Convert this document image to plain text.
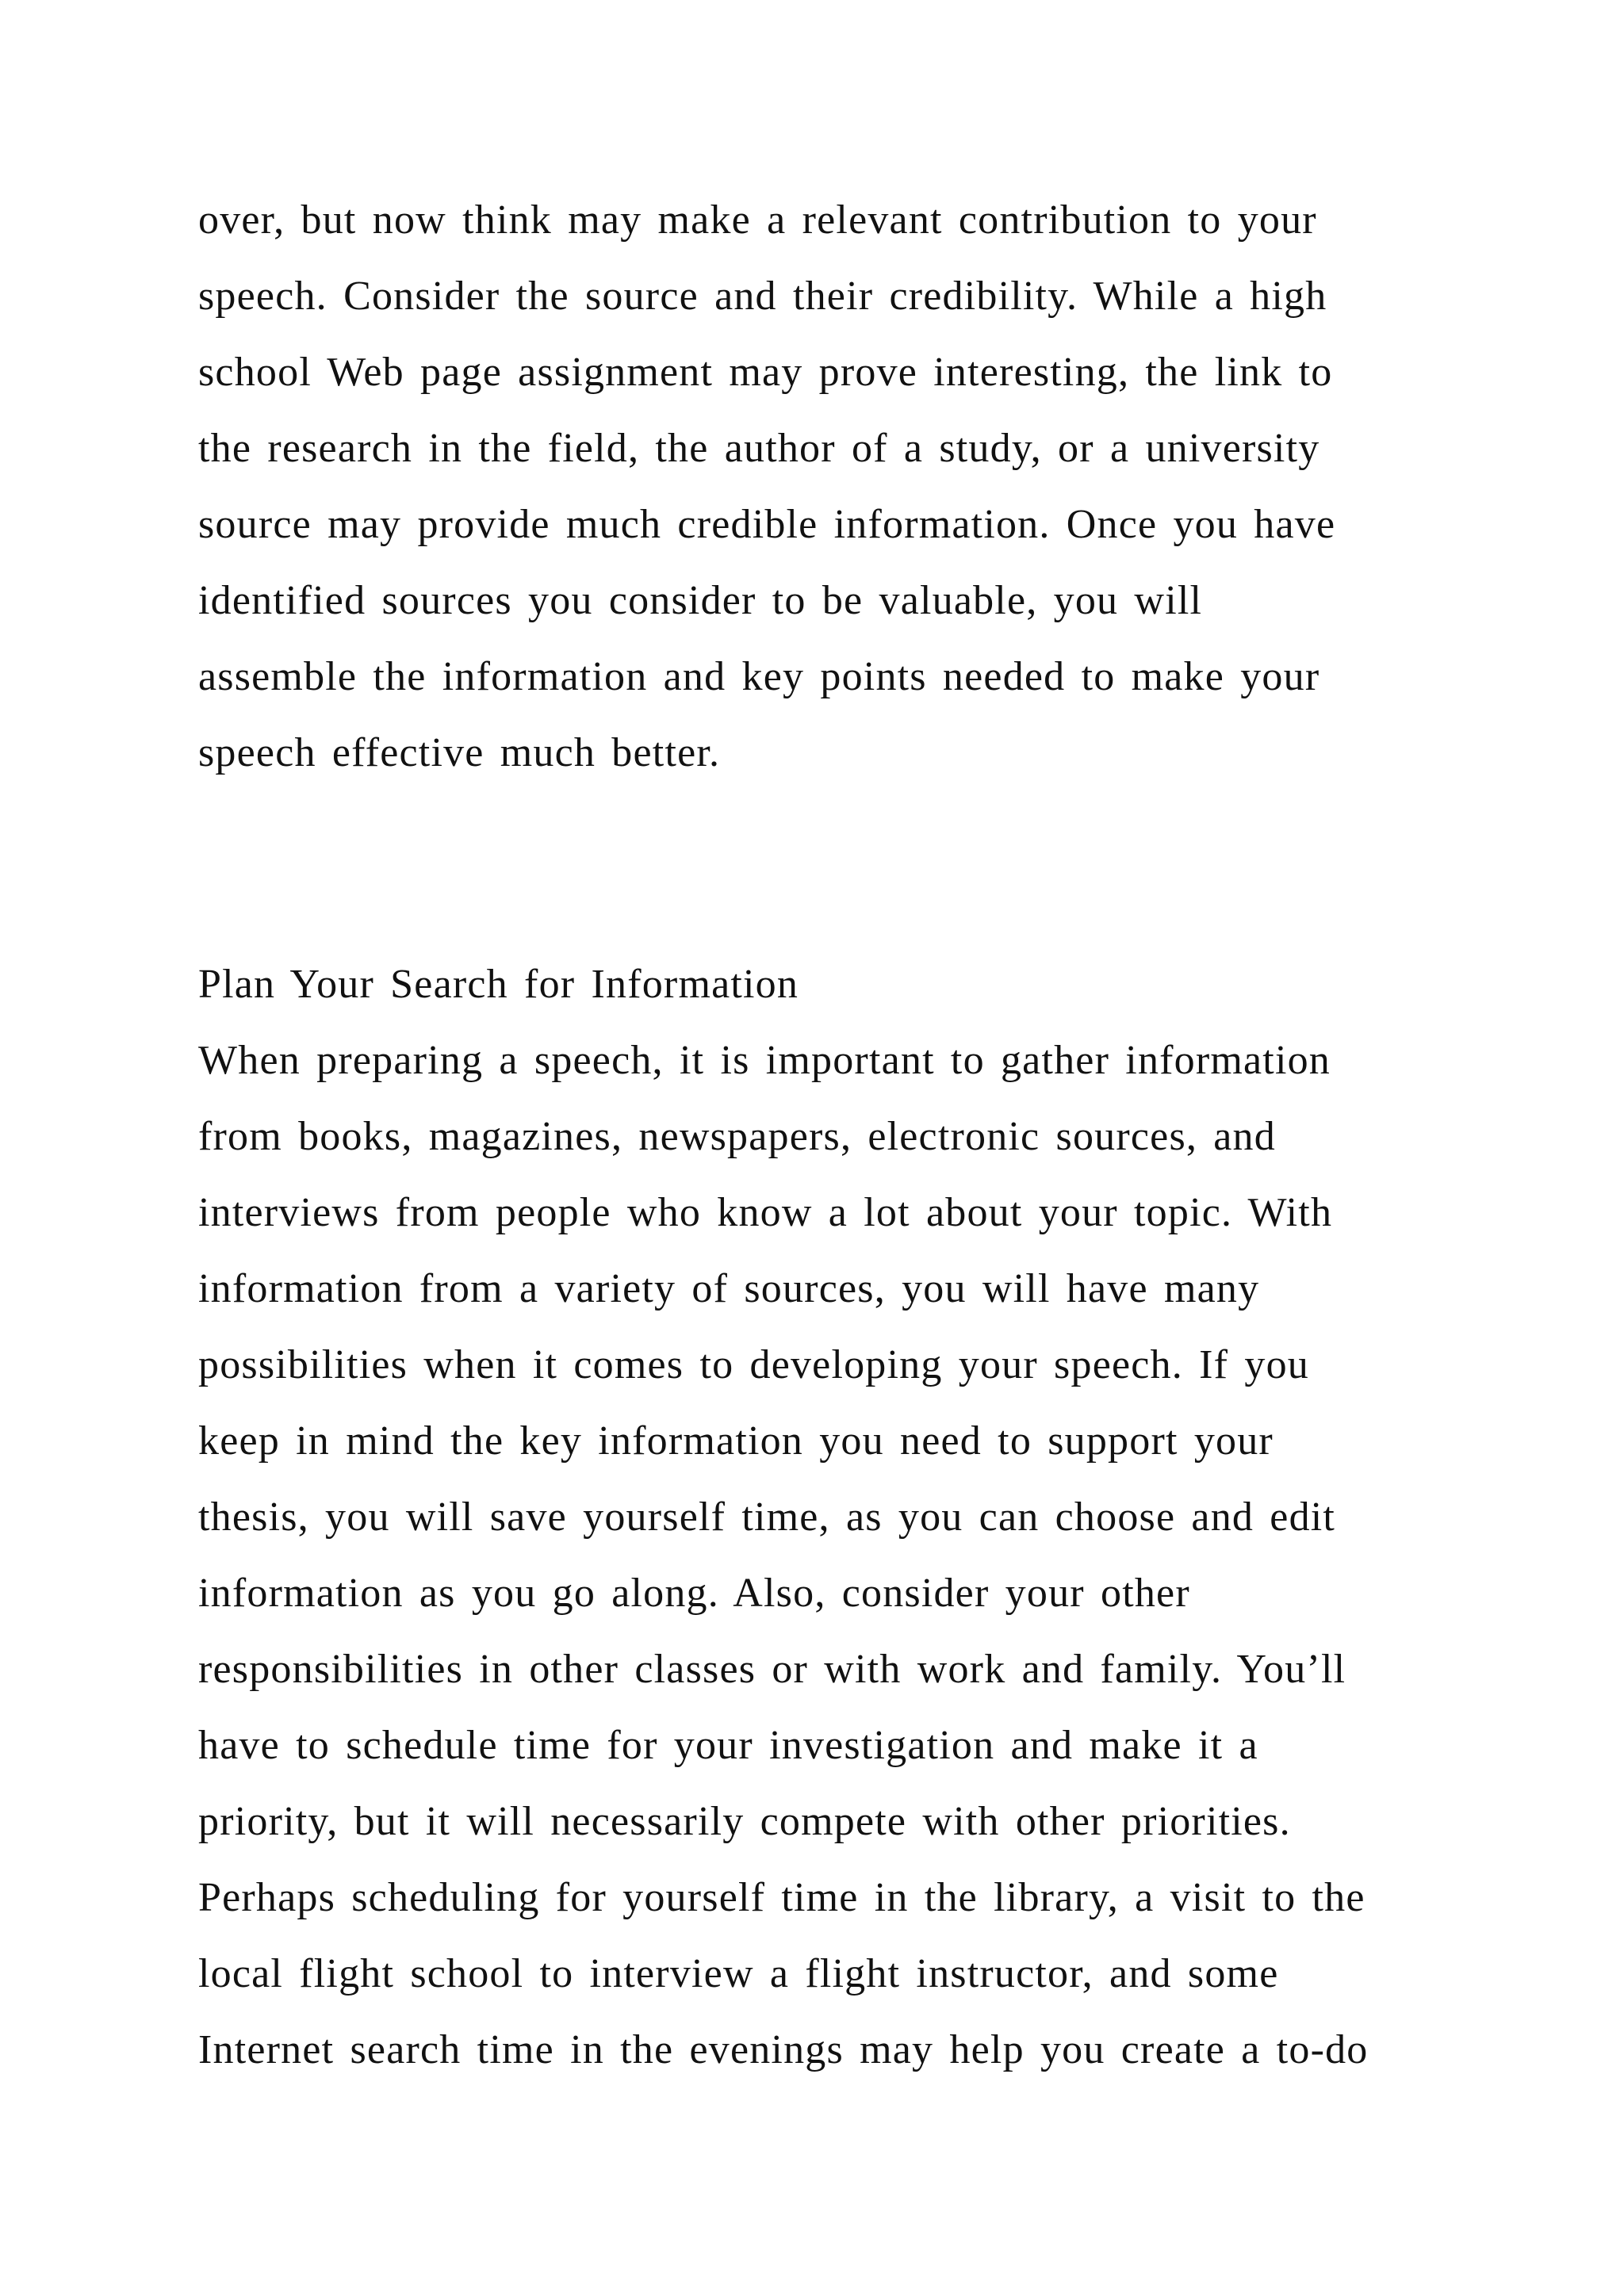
over, but now think may make a relevant contribution to your
speech. Consider the source and their credibility. While a high
school Web page assignment may prove interesting, the link to
the research in the field, the author of a study, or a university
source may provide much credible information. Once you have
identified sources you consider to be valuable, you will
assemble the information and key points needed to make your
speech effective much better.
Plan Your Search for Information
When preparing a speech, it is important to gather information
from books, magazines, newspapers, electronic sources, and
interviews from people who know a lot about your topic. With
information from a variety of sources, you will have many
possibilities when it comes to developing your speech. If you
keep in mind the key information you need to support your
thesis, you will save yourself time, as you can choose and edit
information as you go along. Also, consider your other
responsibilities in other classes or with work and family. You’ll
have to schedule time for your investigation and make it a
priority, but it will necessarily compete with other priorities.
Perhaps scheduling for yourself time in the library, a visit to the
local flight school to interview a flight instructor, and some
Internet search time in the evenings may help you create a to-do
